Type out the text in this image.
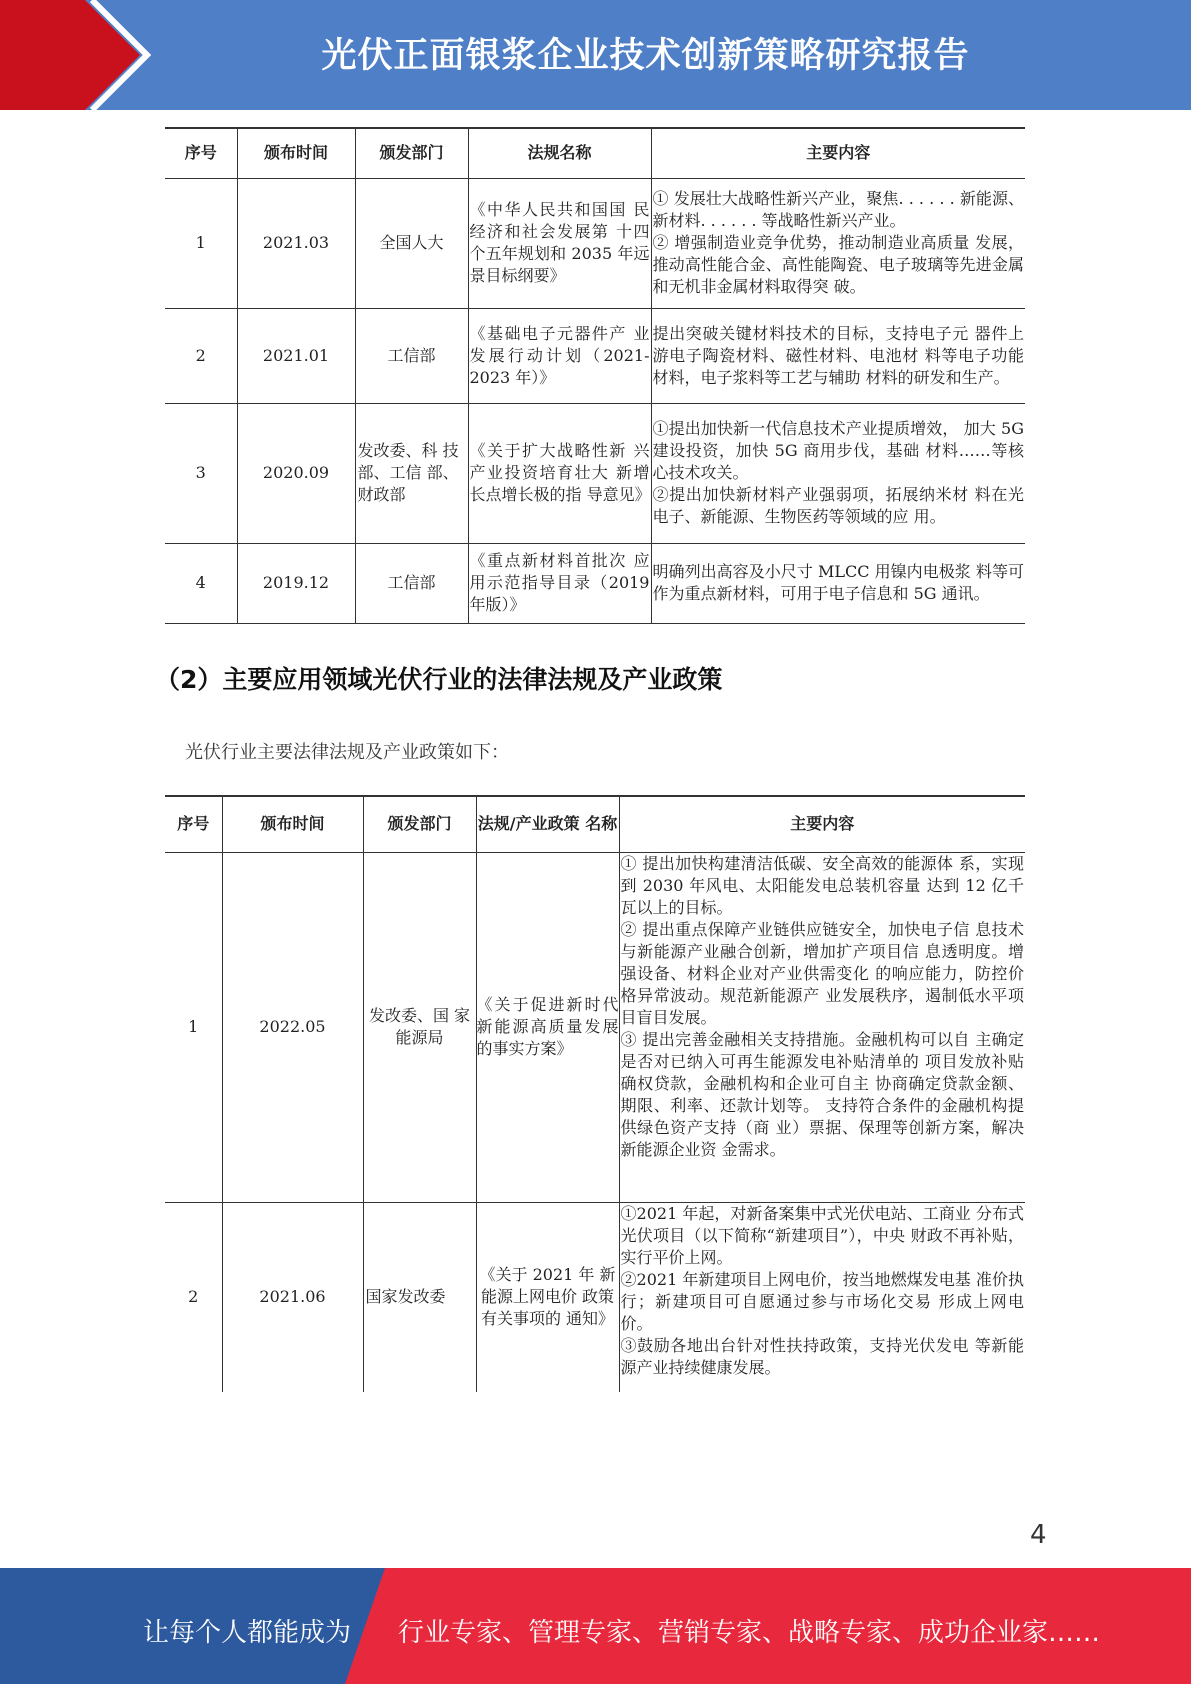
光伏正面银浆企业技术创新策略研究报告
序号	颁布时间	颁发部门	法规名称	主要内容
1	2021.03	全国人大	《中华人民共和国国 民经济和社会发展第 十四个五年规划和 2035 年远景目标纲要》	① 发展壮大战略性新兴产业，聚焦. . . . . . 新能源、新材料. . . . . . 等战略性新兴产业。
② 增强制造业竞争优势，推动制造业高质量 发展，推动高性能合金、高性能陶瓷、电子玻璃等先进金属和无机非金属材料取得突 破。
2	2021.01	工信部	《基础电子元器件产 业发展行动计划（2021-2023 年）》	提出突破关键材料技术的目标，支持电子元 器件上游电子陶瓷材料、磁性材料、电池材 料等电子功能材料，电子浆料等工艺与辅助 材料的研发和生产。
3	2020.09	发改委、科 技部、工信 部、财政部	《关于扩大战略性新 兴产业投资培育壮大 新增长点增长极的指 导意见》	①提出加快新一代信息技术产业提质增效， 加大 5G 建设投资，加快 5G 商用步伐，基础 材料……等核心技术攻关。
②提出加快新材料产业强弱项，拓展纳米材 料在光电子、新能源、生物医药等领域的应 用。
4	2019.12	工信部	《重点新材料首批次 应用示范指导目录（2019 年版）》	明确列出高容及小尺寸 MLCC 用镍内电极浆 料等可作为重点新材料，可用于电子信息和 5G 通讯。
（2）主要应用领域光伏行业的法律法规及产业政策
光伏行业主要法律法规及产业政策如下：
序号	颁布时间	颁发部门	法规/产业政策 名称	主要内容
1	2022.05	发改委、国 家能源局	《关于促进新时代新能源高质量发展的事实方案》	① 提出加快构建清洁低碳、安全高效的能源体 系，实现到 2030 年风电、太阳能发电总装机容量 达到 12 亿千瓦以上的目标。
② 提出重点保障产业链供应链安全，加快电子信 息技术与新能源产业融合创新，增加扩产项目信 息透明度。增强设备、材料企业对产业供需变化 的响应能力，防控价格异常波动。规范新能源产 业发展秩序，遏制低水平项目盲目发展。
③ 提出完善金融相关支持措施。金融机构可以自 主确定是否对已纳入可再生能源发电补贴清单的 项目发放补贴确权贷款，金融机构和企业可自主 协商确定贷款金额、期限、利率、还款计划等。 支持符合条件的金融机构提供绿色资产支持（商 业）票据、保理等创新方案，解决新能源企业资 金需求。
2	2021.06	国家发改委	《关于 2021 年 新能源上网电价 政策有关事项的 通知》	①2021 年起，对新备案集中式光伏电站、工商业 分布式光伏项目（以下简称“新建项目”），中央 财政不再补贴，实行平价上网。
②2021 年新建项目上网电价，按当地燃煤发电基 准价执行；新建项目可自愿通过参与市场化交易 形成上网电价。
③鼓励各地出台针对性扶持政策，支持光伏发电 等新能源产业持续健康发展。
4
让每个人都能成为 行业专家、管理专家、营销专家、战略专家、成功企业家……
